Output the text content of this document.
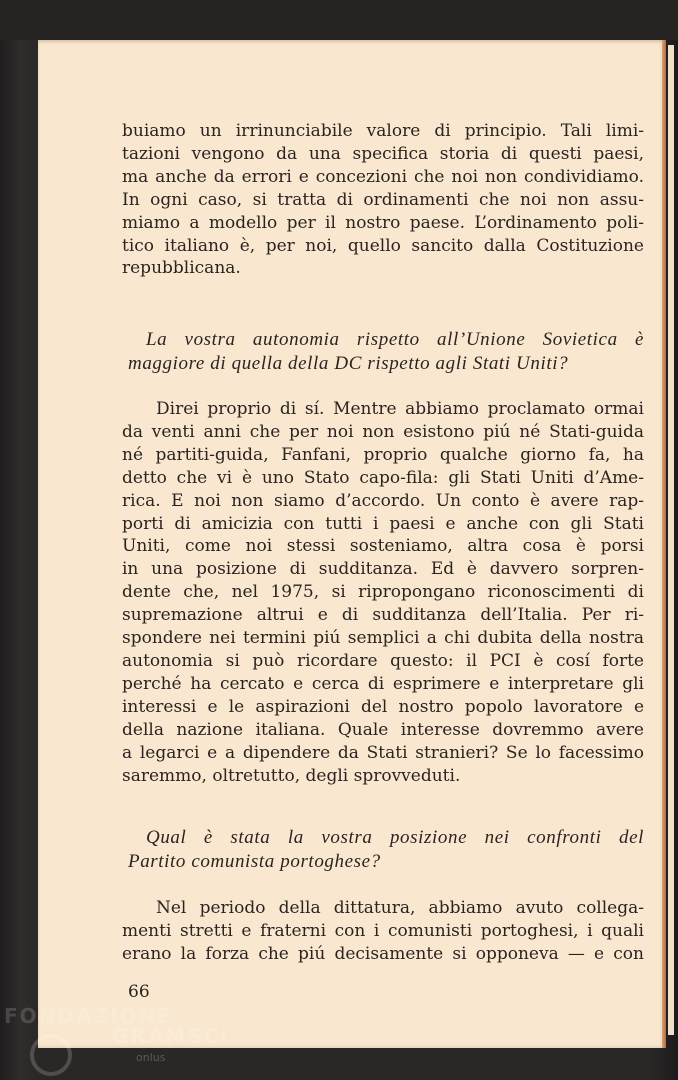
buiamo un irrinunciabile valore di principio. Tali limi-
tazioni vengono da una specifica storia di questi paesi,
ma anche da errori e concezioni che noi non condividiamo.
In ogni caso, si tratta di ordinamenti che noi non assu-
miamo a modello per il nostro paese. L’ordinamento poli-
tico italiano è, per noi, quello sancito dalla Costituzione
repubblicana.
La vostra autonomia rispetto all’Unione Sovietica è
maggiore di quella della DC rispetto agli Stati Uniti?
Direi proprio di sí. Mentre abbiamo proclamato ormai
da venti anni che per noi non esistono piú né Stati-guida
né partiti-guida, Fanfani, proprio qualche giorno fa, ha
detto che vi è uno Stato capo-fila: gli Stati Uniti d’Ame-
rica. E noi non siamo d’accordo. Un conto è avere rap-
porti di amicizia con tutti i paesi e anche con gli Stati
Uniti, come noi stessi sosteniamo, altra cosa è porsi
in una posizione di sudditanza. Ed è davvero sorpren-
dente che, nel 1975, si ripropongano riconoscimenti di
supremazione altrui e di sudditanza dell’Italia. Per ri-
spondere nei termini piú semplici a chi dubita della nostra
autonomia si può ricordare questo: il PCI è cosí forte
perché ha cercato e cerca di esprimere e interpretare gli
interessi e le aspirazioni del nostro popolo lavoratore e
della nazione italiana. Quale interesse dovremmo avere
a legarci e a dipendere da Stati stranieri? Se lo facessimo
saremmo, oltretutto, degli sprovveduti.
Qual è stata la vostra posizione nei confronti del
Partito comunista portoghese?
Nel periodo della dittatura, abbiamo avuto collega-
menti stretti e fraterni con i comunisti portoghesi, i quali
erano la forza che piú decisamente si opponeva — e con
66
FONDAZIONE
GRAMSCI
onlus
